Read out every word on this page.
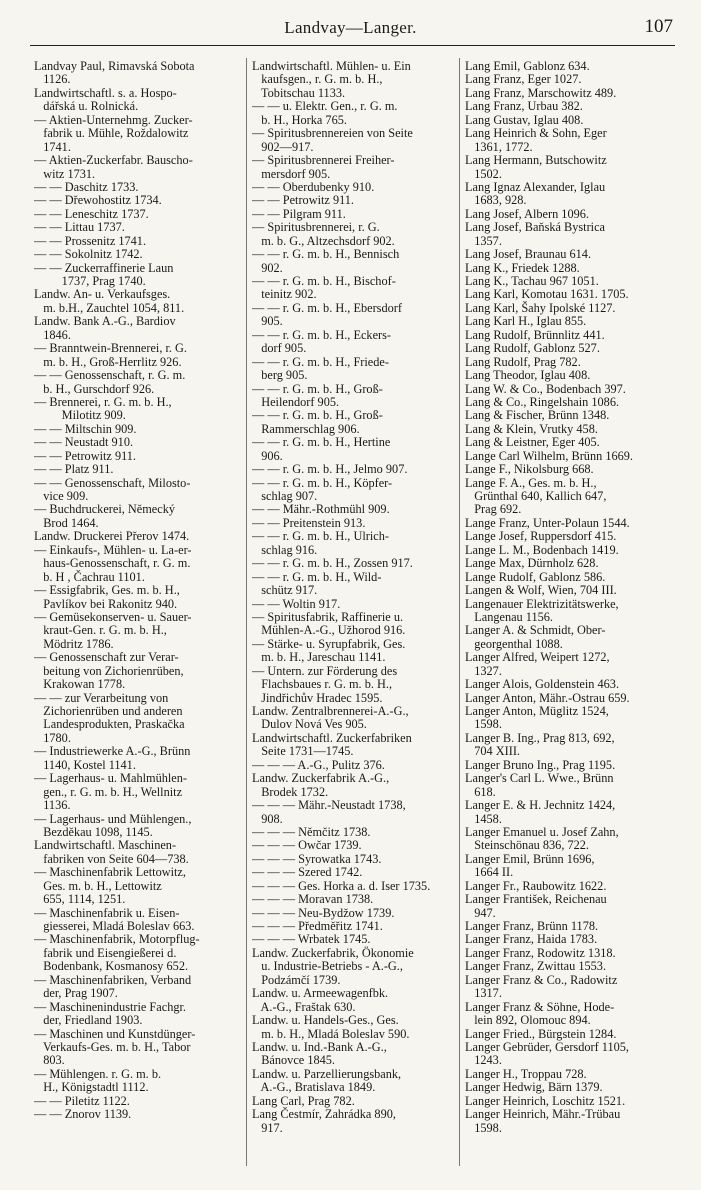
Landvay—Langer.	107
Landvay Paul, Rimavská Sobota
1126.
Landwirtschaftl. s. a. Hospo-
dářská u. Rolnická.
— Aktien-Unternehmg. Zucker-
fabrik u. Mühle, Roždalowitz
1741.
— Aktien-Zuckerfabr. Bauscho-
witz 1731.
— — Daschitz 1733.
— — Dřewohostitz 1734.
— — Leneschitz 1737.
— — Littau 1737.
— — Prossenitz 1741.
— — Sokolnitz 1742.
— — Zuckerraffinerie Laun
1737, Prag 1740.
Landw. An- u. Verkaufsges.
m. b.H., Zauchtel 1054, 811.
Landw. Bank A.-G., Bardiov
1846.
— Branntwein-Brennerei, r. G.
m. b. H., Groß-Herrlitz 926.
— — Genossenschaft, r. G. m.
b. H., Gurschdorf 926.
— Brennerei, r. G. m. b. H.,
Milotitz 909.
— — Miltschin 909.
— — Neustadt 910.
— — Petrowitz 911.
— — Platz 911.
— — Genossenschaft, Milosto-
vice 909.
— Buchdruckerei, Německý
Brod 1464.
Landw. Druckerei Přerov 1474.
— Einkaufs-, Mühlen- u. La-er-
haus-Genossenschaft, r. G. m.
b. H , Čachrau 1101.
— Essigfabrik, Ges. m. b. H.,
Pavlíkov bei Rakonitz 940.
— Gemüsekonserven- u. Sauer-
kraut-Gen. r. G. m. b. H.,
Mödritz 1786.
— Genossenschaft zur Verar-
beitung von Zichorienrüben,
Krakowan 1778.
— — zur Verarbeitung von
Zichorienrüben und anderen
Landesprodukten, Praskačka
1780.
— Industriewerke A.-G., Brünn
1140, Kostel 1141.
— Lagerhaus- u. Mahlmühlen-
gen., r. G. m. b. H., Wellnitz
1136.
— Lagerhaus- und Mühlengen.,
Bezděkau 1098, 1145.
Landwirtschaftl. Maschinen-
fabriken von Seite 604—738.
— Maschinenfabrik Lettowitz,
Ges. m. b. H., Lettowitz
655, 1114, 1251.
— Maschinenfabrik u. Eisen-
giesserei, Mladá Boleslav 663.
— Maschinenfabrik, Motorpflug-
fabrik und Eisengießerei d.
Bodenbank, Kosmanosy 652.
— Maschinenfabriken, Verband
der, Prag 1907.
— Maschinenindustrie Fachgr.
der, Friedland 1903.
— Maschinen und Kunstdünger-
Verkaufs-Ges. m. b. H., Tabor
803.
— Mühlengen. r. G. m. b.
H., Königstadtl 1112.
— — Piletitz 1122.
— — Znorov 1139.
Landwirtschaftl. Mühlen- u. Ein
kaufsgen., r. G. m. b. H.,
Tobitschau 1133.
— — u. Elektr. Gen., r. G. m.
b. H., Horka 765.
— Spiritusbrennereien von Seite
902—917.
— Spiritusbrennerei Freiher-
mersdorf 905.
— — Oberdubenky 910.
— — Petrowitz 911.
— — Pilgram 911.
— Spiritusbrennerei, r. G.
m. b. G., Altzechsdorf 902.
— — r. G. m. b. H., Bennisch
902.
— — r. G. m. b. H., Bischof-
teinitz 902.
— — r. G. m. b. H., Ebersdorf
905.
— — r. G. m. b. H., Eckers-
dorf 905.
— — r. G. m. b. H., Friede-
berg 905.
— — r. G. m. b. H., Groß-
Heilendorf 905.
— — r. G. m. b. H., Groß-
Rammerschlag 906.
— — r. G. m. b. H., Hertine
906.
— — r. G. m. b. H., Jelmo 907.
— — r. G. m. b. H., Köpfer-
schlag 907.
— — Mähr.-Rothmühl 909.
— — Preitenstein 913.
— — r. G. m. b. H., Ulrich-
schlag 916.
— — r. G. m. b. H., Zossen 917.
— — r. G. m. b. H., Wild-
schütz 917.
— — Woltin 917.
— Spiritusfabrik, Raffinerie u.
Mühlen-A.-G., Užhorod 916.
— Stärke- u. Syrupfabrik, Ges.
m. b. H., Jareschau 1141.
— Untern. zur Förderung des
Flachsbaues r. G. m. b. H.,
Jindřichův Hradec 1595.
Landw. Zentralbrennerei-A.-G.,
Dulov Nová Ves 905.
Landwirtschaftl. Zuckerfabriken
Seite 1731—1745.
— — — A.-G., Pulitz 376.
Landw. Zuckerfabrik A.-G.,
Brodek 1732.
— — — Mähr.-Neustadt 1738,
908.
— — — Němčitz 1738.
— — — Owčar 1739.
— — — Syrowatka 1743.
— — — Szered 1742.
— — — Ges. Horka a. d. Iser 1735.
— — — Moravan 1738.
— — — Neu-Bydžow 1739.
— — — Předměřitz 1741.
— — — Wrbatek 1745.
Landw. Zuckerfabrik, Ökonomie
u. Industrie-Betriebs - A.-G.,
Podzámčí 1739.
Landw. u. Armeewagenfbk.
A.-G., Fraštak 630.
Landw. u. Handels-Ges., Ges.
m. b. H., Mladá Boleslav 590.
Landw. u. Ind.-Bank A.-G.,
Bánovce 1845.
Landw. u. Parzellierungsbank,
A.-G., Bratislava 1849.
Lang Carl, Prag 782.
Lang Čestmír, Zahrádka 890,
917.
Lang Emil, Gablonz 634.
Lang Franz, Eger 1027.
Lang Franz, Marschowitz 489.
Lang Franz, Urbau 382.
Lang Gustav, Iglau 408.
Lang Heinrich & Sohn, Eger
1361, 1772.
Lang Hermann, Butschowitz
1502.
Lang Ignaz Alexander, Iglau
1683, 928.
Lang Josef, Albern 1096.
Lang Josef, Baňská Bystrica
1357.
Lang Josef, Braunau 614.
Lang K., Friedek 1288.
Lang K., Tachau 967 1051.
Lang Karl, Komotau 1631. 1705.
Lang Karl, Šahy Ipolské 1127.
Lang Karl H., Iglau 855.
Lang Rudolf, Brünnlitz 441.
Lang Rudolf, Gablonz 527.
Lang Rudolf, Prag 782.
Lang Theodor, Iglau 408.
Lang W. & Co., Bodenbach 397.
Lang & Co., Ringelshain 1086.
Lang & Fischer, Brünn 1348.
Lang & Klein, Vrutky 458.
Lang & Leistner, Eger 405.
Lange Carl Wilhelm, Brünn 1669.
Lange F., Nikolsburg 668.
Lange F. A., Ges. m. b. H.,
Grünthal 640, Kallich 647,
Prag 692.
Lange Franz, Unter-Polaun 1544.
Lange Josef, Ruppersdorf 415.
Lange L. M., Bodenbach 1419.
Lange Max, Dürnholz 628.
Lange Rudolf, Gablonz 586.
Langen & Wolf, Wien, 704 III.
Langenauer Elektrizitätswerke,
Langenau 1156.
Langer A. & Schmidt, Ober-
georgenthal 1088.
Langer Alfred, Weipert 1272,
1327.
Langer Alois, Goldenstein 463.
Langer Anton, Mähr.-Ostrau 659.
Langer Anton, Müglitz 1524,
1598.
Langer B. Ing., Prag 813, 692,
704 XIII.
Langer Bruno Ing., Prag 1195.
Langer's Carl L. Wwe., Brünn
618.
Langer E. & H. Jechnitz 1424,
1458.
Langer Emanuel u. Josef Zahn,
Steinschönau 836, 722.
Langer Emil, Brünn 1696,
1664 II.
Langer Fr., Raubowitz 1622.
Langer František, Reichenau
947.
Langer Franz, Brünn 1178.
Langer Franz, Haida 1783.
Langer Franz, Rodowitz 1318.
Langer Franz, Zwittau 1553.
Langer Franz & Co., Radowitz
1317.
Langer Franz & Söhne, Hode-
lein 892, Olomouc 894.
Langer Fried., Bürgstein 1284.
Langer Gebrüder, Gersdorf 1105,
1243.
Langer H., Troppau 728.
Langer Hedwig, Bärn 1379.
Langer Heinrich, Loschitz 1521.
Langer Heinrich, Mähr.-Trübau
1598.
